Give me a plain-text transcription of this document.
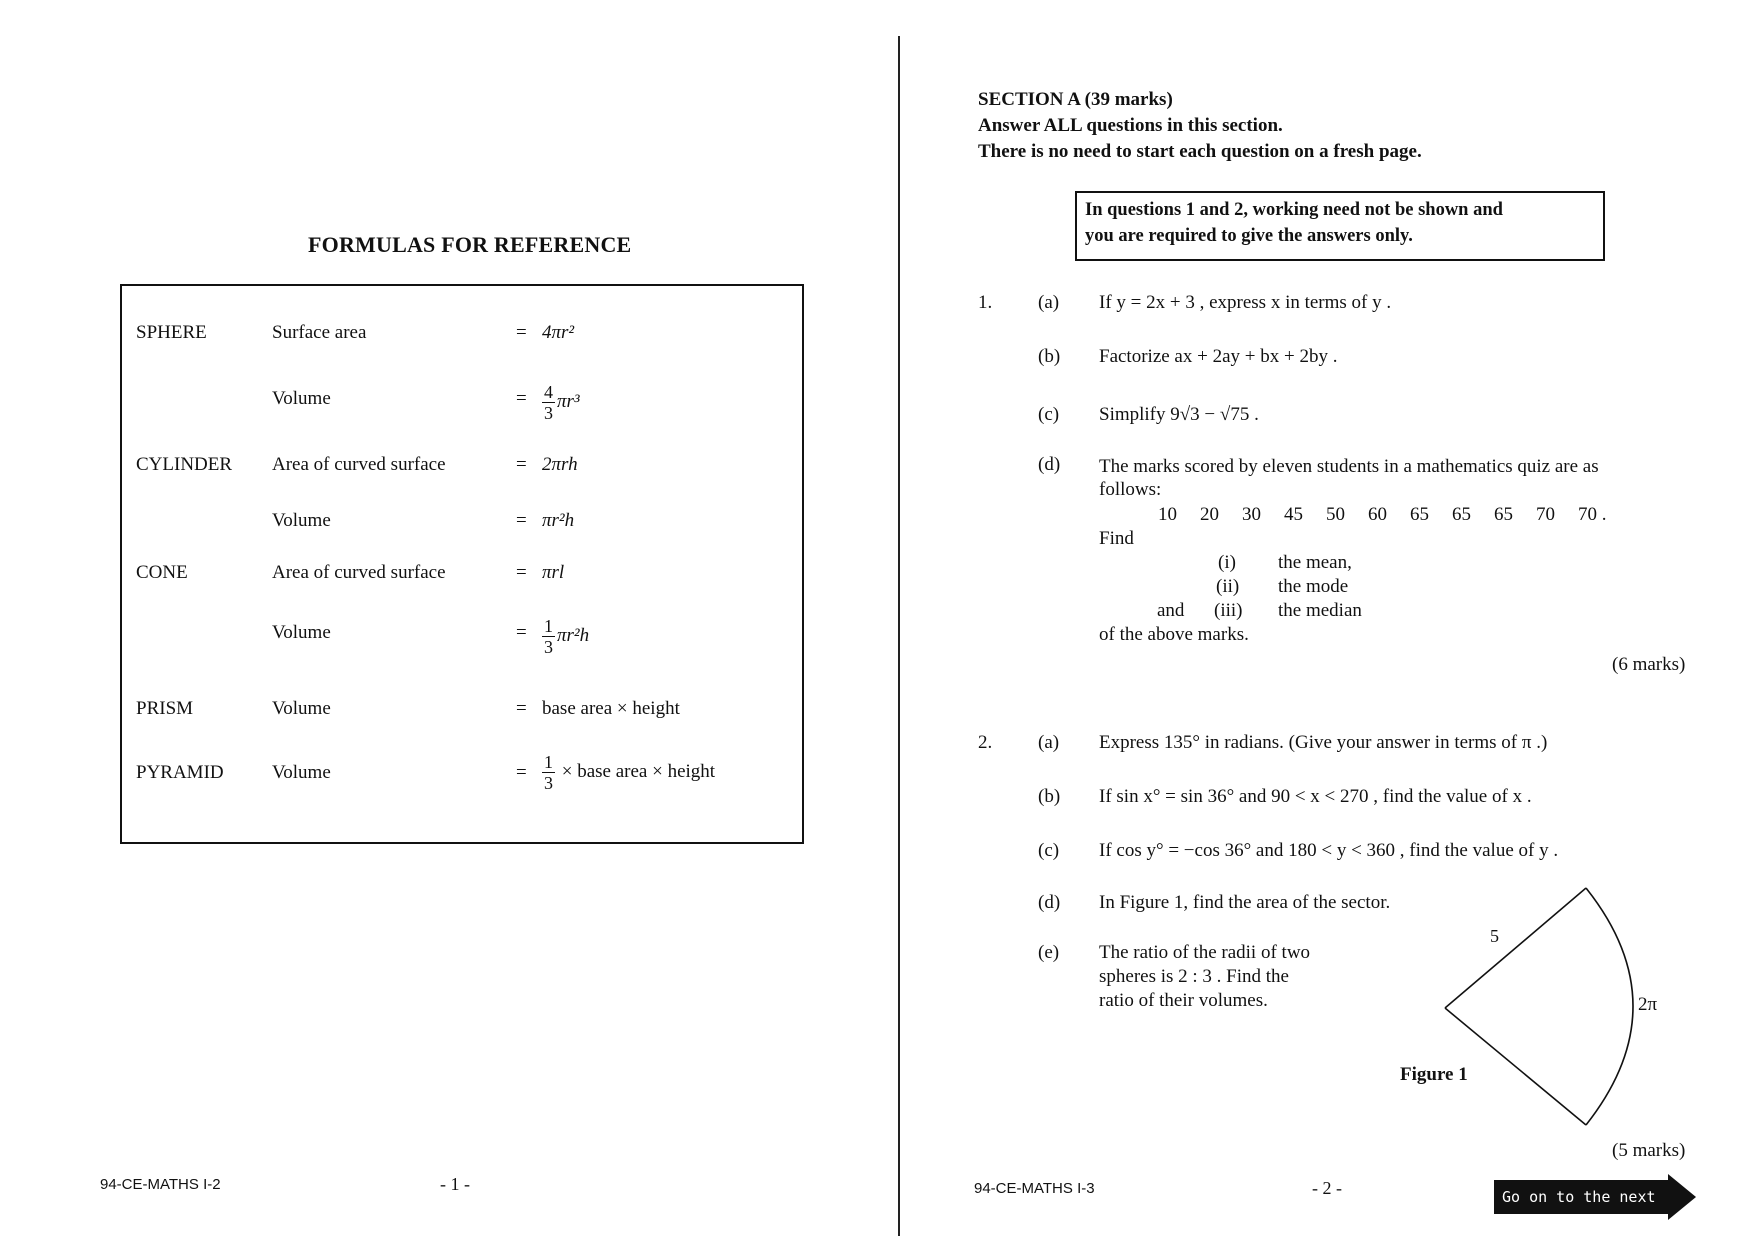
FORMULAS FOR REFERENCE
SPHERE	Surface area	= 4πr²
Volume	= $\frac{4}{3} \pi r^3$
CYLINDER Area of curved surface	= 2πrh
Volume	= πr²h
CONE	Area of curved surface	= πrl
Volume	= $\frac{1}{3} \pi r^2h$
PRISM	Volume	= base area × height
PYRAMID	Volume	= $\frac{1}{3}$ × base area × height
94-CE-MATHS I-2	- 1 -
SECTION A (39 marks)
Answer ALL questions in this section.
There is no need to start each question on a fresh page.
In questions 1 and 2, working need not be shown and
you are required to give the answers only.
1. (a) If y = 2x + 3 , express x in terms of y .
(b) Factorize ax + 2ay + bx + 2by .
(c) Simplify 9√3 − √75 .
(d) The marks scored by eleven students in a mathematics quiz are as
follows:
10 20 30 45 50 60 65 65 65 70 70 .
Find
(i) the mean,
(ii) the mode
and (iii) the median
of the above marks.
(6 marks)
2. (a) Express 135° in radians. (Give your answer in terms of π .)
(b) If sin x° = sin 36° and 90 < x < 270 , find the value of x .
(c) If cos y° = −cos 36° and 180 < y < 360 , find the value of y .
(d) In Figure 1, find the area of the sector.
(e) The ratio of the radii of two
spheres is 2 : 3 . Find the
ratio of their volumes.
5
2π
Figure 1
(5 marks)
94-CE-MATHS I-3	- 2 -	Go on to the next page
